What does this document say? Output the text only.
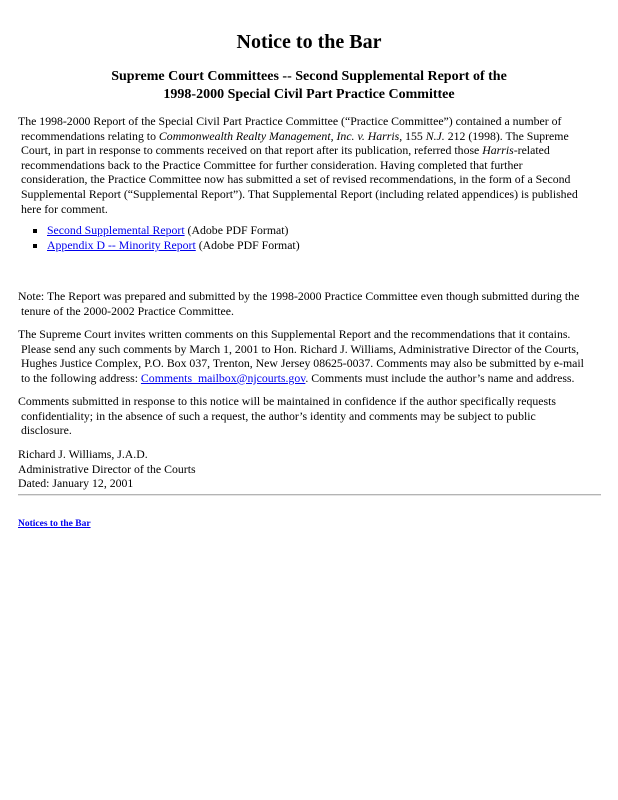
Notice to the Bar
Supreme Court Committees -- Second Supplemental Report of the
1998-2000 Special Civil Part Practice Committee
The 1998-2000 Report of the Special Civil Part Practice Committee (“Practice Committee”) contained a number of
recommendations relating to Commonwealth Realty Management, Inc. v. Harris, 155 N.J. 212 (1998). The Supreme
Court, in part in response to comments received on that report after its publication, referred those Harris-related
recommendations back to the Practice Committee for further consideration. Having completed that further
consideration, the Practice Committee now has submitted a set of revised recommendations, in the form of a Second
Supplemental Report (“Supplemental Report”). That Supplemental Report (including related appendices) is published
here for comment.
Second Supplemental Report (Adobe PDF Format)
Appendix D -- Minority Report (Adobe PDF Format)
Note: The Report was prepared and submitted by the 1998-2000 Practice Committee even though submitted during the
tenure of the 2000-2002 Practice Committee.
The Supreme Court invites written comments on this Supplemental Report and the recommendations that it contains.
Please send any such comments by March 1, 2001 to Hon. Richard J. Williams, Administrative Director of the Courts,
Hughes Justice Complex, P.O. Box 037, Trenton, New Jersey 08625-0037. Comments may also be submitted by e-mail
to the following address: Comments_mailbox@njcourts.gov. Comments must include the author’s name and address.
Comments submitted in response to this notice will be maintained in confidence if the author specifically requests
confidentiality; in the absence of such a request, the author’s identity and comments may be subject to public
disclosure.
Richard J. Williams, J.A.D.
Administrative Director of the Courts
Dated: January 12, 2001
Notices to the Bar
